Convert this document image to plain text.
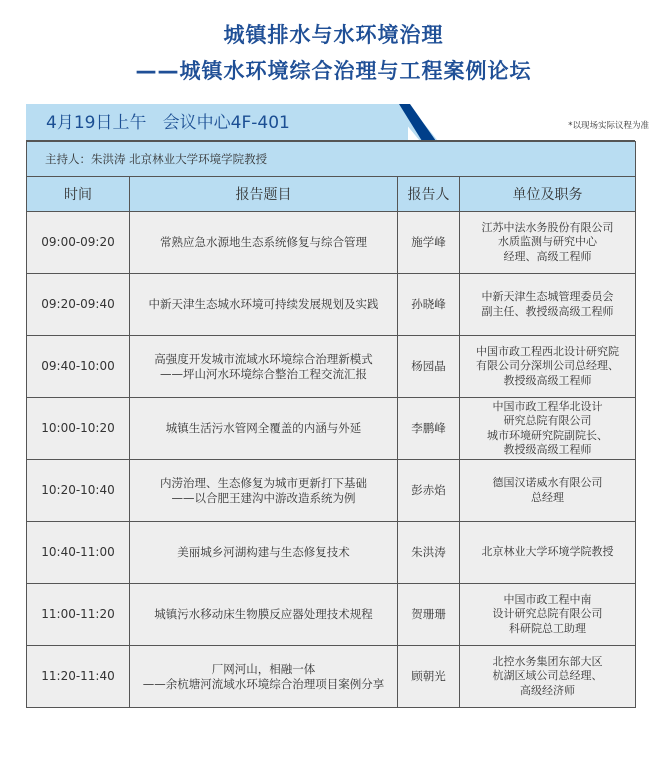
城镇排水与水环境治理
——城镇水环境综合治理与工程案例论坛
4月19日上午   会议中心4F-401	*以现场实际议程为准
主持人：朱洪涛 北京林业大学环境学院教授			
时间	报告题目	报告人	单位及职务
09:00-09:20	常熟应急水源地生态系统修复与综合管理	施学峰	江苏中法水务股份有限公司
水质监测与研究中心
经理、高级工程师

09:20-09:40	中新天津生态城水环境可持续发展规划及实践	孙晓峰	中新天津生态城管理委员会
副主任、教授级高级工程师

09:40-10:00	高强度开发城市流域水环境综合治理新模式
——坪山河水环境综合整治工程交流汇报	杨园晶	中国市政工程西北设计研究院
有限公司分深圳公司总经理、
教授级高级工程师

10:00-10:20	城镇生活污水管网全覆盖的内涵与外延	李鹏峰	中国市政工程华北设计
研究总院有限公司
城市环境研究院副院长、
教授级高级工程师

10:20-10:40	内涝治理、生态修复为城市更新打下基础
——以合肥王建沟中游改造系统为例	彭赤焰	德国汉诺威水有限公司
总经理

10:40-11:00	美丽城乡河湖构建与生态修复技术	朱洪涛	北京林业大学环境学院教授

11:00-11:20	城镇污水移动床生物膜反应器处理技术规程	贺珊珊	中国市政工程中南
设计研究总院有限公司
科研院总工助理

11:20-11:40	厂网河山，相融一体
——余杭塘河流域水环境综合治理项目案例分享	顾朝光	北控水务集团东部大区
杭湖区域公司总经理、
高级经济师
